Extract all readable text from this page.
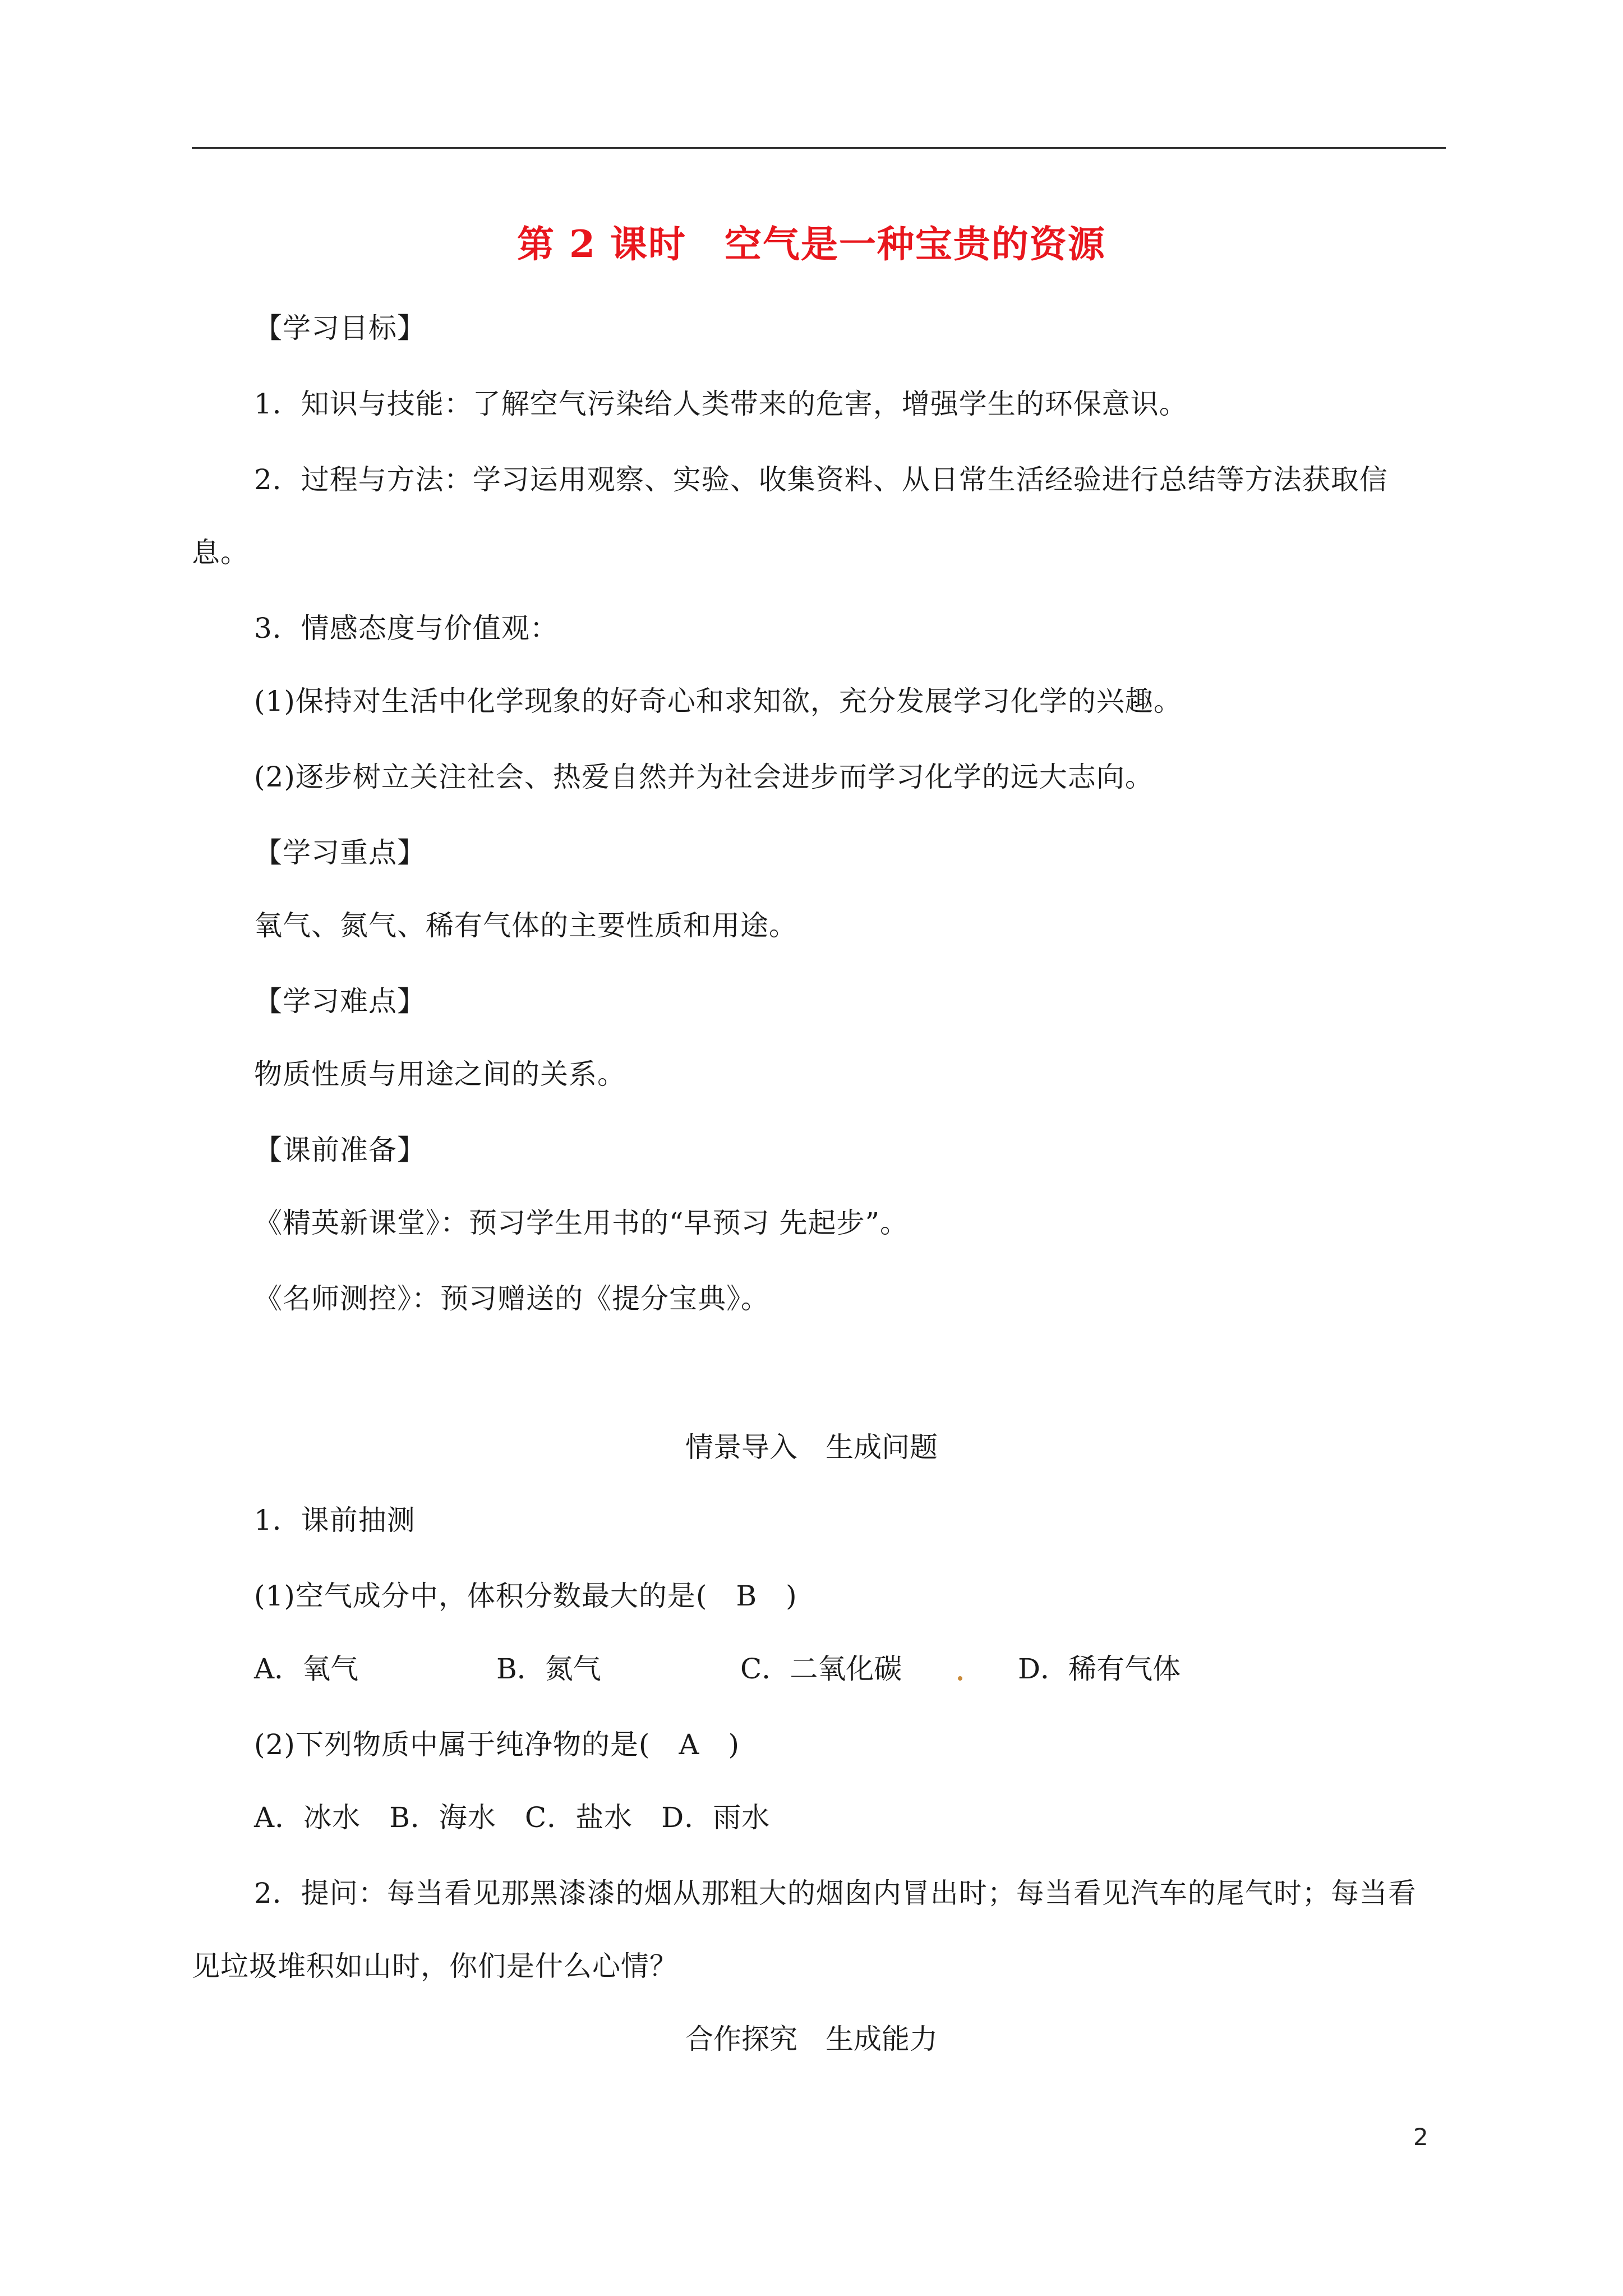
第 2 课时　空气是一种宝贵的资源
【学习目标】
1．知识与技能：了解空气污染给人类带来的危害，增强学生的环保意识。
2．过程与方法：学习运用观察、实验、收集资料、从日常生活经验进行总结等方法获取信
息。
3．情感态度与价值观：
(1)保持对生活中化学现象的好奇心和求知欲，充分发展学习化学的兴趣。
(2)逐步树立关注社会、热爱自然并为社会进步而学习化学的远大志向。
【学习重点】
氧气、氮气、稀有气体的主要性质和用途。
【学习难点】
物质性质与用途之间的关系。
【课前准备】
《精英新课堂》：预习学生用书的“早预习 先起步”。
《名师测控》：预习赠送的《提分宝典》。
情景导入　生成问题
1．课前抽测
(1)空气成分中，体积分数最大的是(　B　)
A．氧气	B．氮气	C．二氧化碳	D．稀有气体
(2)下列物质中属于纯净物的是(　A　)
A．冰水　B．海水　C．盐水　D．雨水
2．提问：每当看见那黑漆漆的烟从那粗大的烟囱内冒出时；每当看见汽车的尾气时；每当看
见垃圾堆积如山时，你们是什么心情？
合作探究　生成能力
2
